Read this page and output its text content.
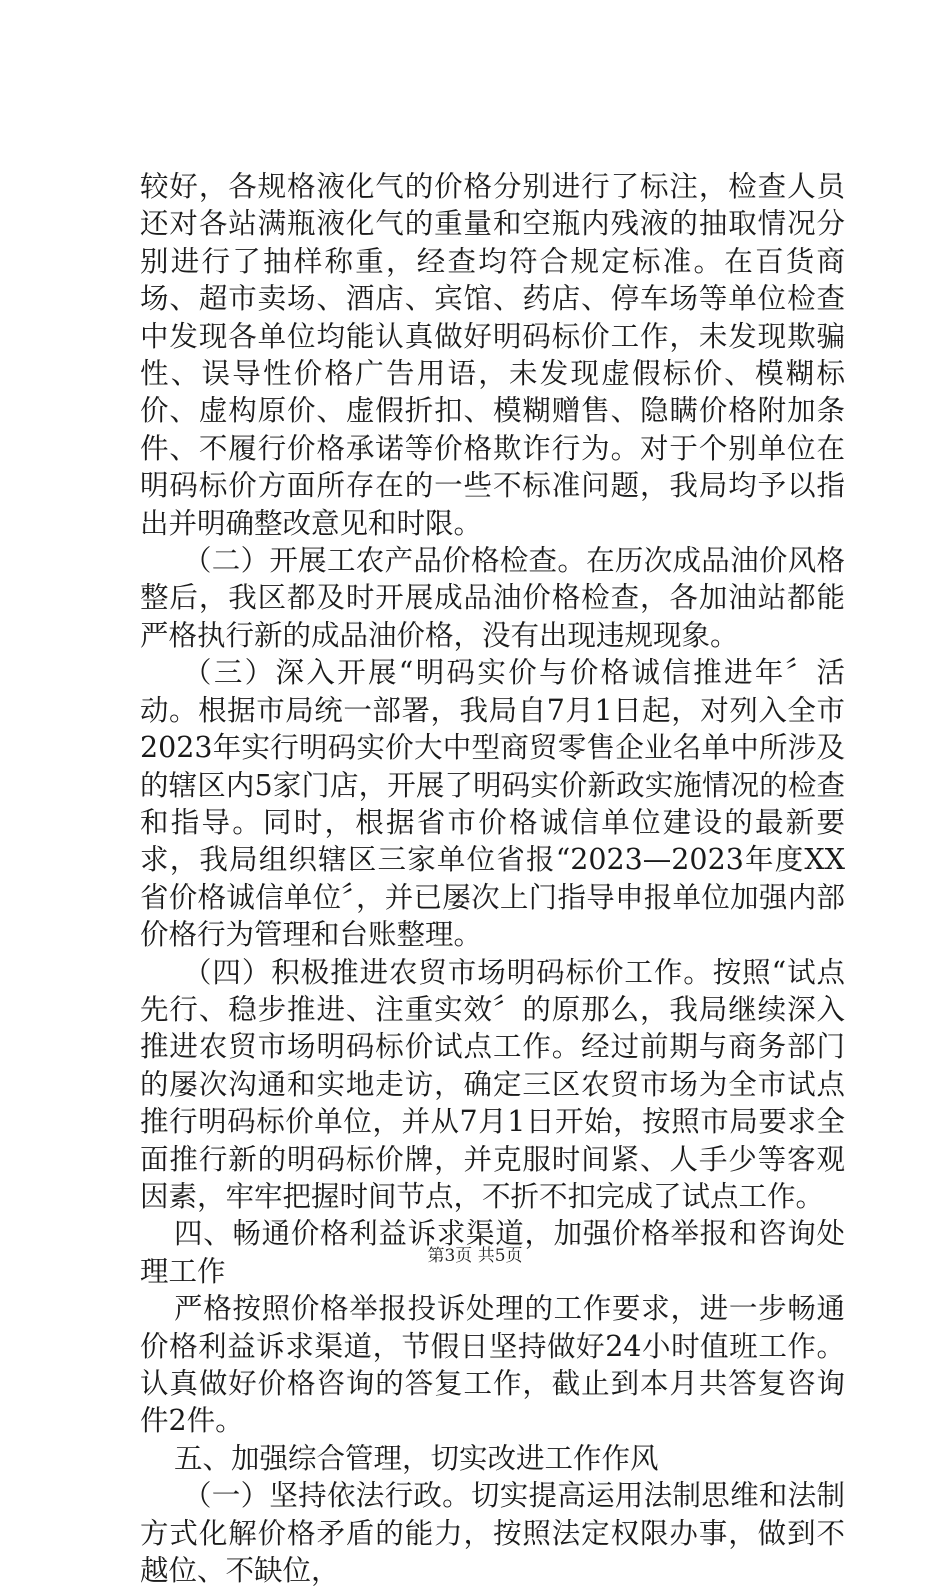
较好，各规格液化气的价格分别进行了标注，检查人员还对各站满瓶液化气的重量和空瓶内残液的抽取情况分别进行了抽样称重，经查均符合规定标准。在百货商场、超市卖场、酒店、宾馆、药店、停车场等单位检查中发现各单位均能认真做好明码标价工作，未发现欺骗性、误导性价格广告用语，未发现虚假标价、模糊标价、虚构原价、虚假折扣、模糊赠售、隐瞒价格附加条件、不履行价格承诺等价格欺诈行为。对于个别单位在明码标价方面所存在的一些不标准问题，我局均予以指出并明确整改意见和时限。

（二）开展工农产品价格检查。在历次成品油价风格整后，我区都及时开展成品油价格检查，各加油站都能严格执行新的成品油价格，没有出现违规现象。

（三）深入开展“明码实价与价格诚信推进年〞活动。根据市局统一部署，我局自7月1日起，对列入全市2023年实行明码实价大中型商贸零售企业名单中所涉及的辖区内5家门店，开展了明码实价新政实施情况的检查和指导。同时，根据省市价格诚信单位建设的最新要求，我局组织辖区三家单位省报“2023—2023年度XX省价格诚信单位〞，并已屡次上门指导申报单位加强内部价格行为管理和台账整理。

（四）积极推进农贸市场明码标价工作。按照“试点先行、稳步推进、注重实效〞的原那么，我局继续深入推进农贸市场明码标价试点工作。经过前期与商务部门的屡次沟通和实地走访，确定三区农贸市场为全市试点推行明码标价单位，并从7月1日开始，按照市局要求全面推行新的明码标价牌，并克服时间紧、人手少等客观因素，牢牢把握时间节点，不折不扣完成了试点工作。

四、畅通价格利益诉求渠道，加强价格举报和咨询处理工作

严格按照价格举报投诉处理的工作要求，进一步畅通价格利益诉求渠道，节假日坚持做好24小时值班工作。认真做好价格咨询的答复工作，截止到本月共答复咨询件2件。

五、加强综合管理，切实改进工作作风

（一）坚持依法行政。切实提高运用法制思维和法制方式化解价格矛盾的能力，按照法定权限办事，做到不越位、不缺位，

第3页 共5页
